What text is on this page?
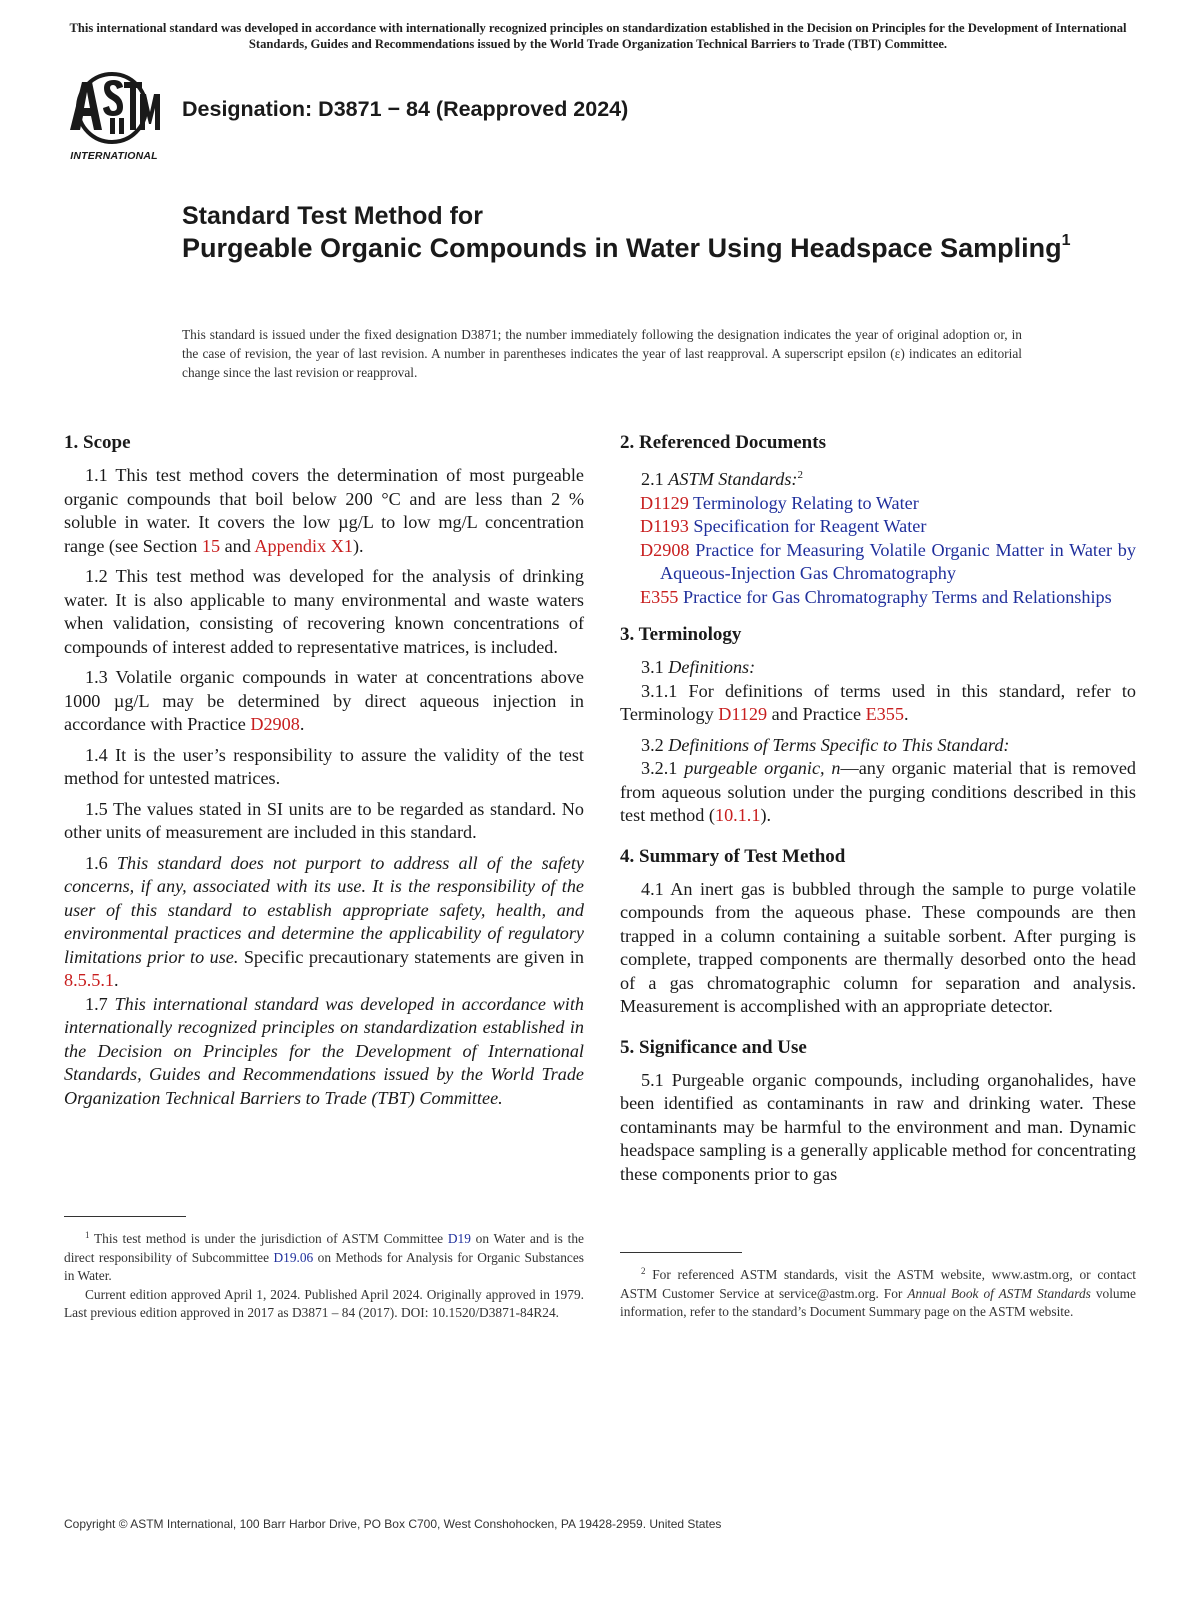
This international standard was developed in accordance with internationally recognized principles on standardization established in the Decision on Principles for the Development of International Standards, Guides and Recommendations issued by the World Trade Organization Technical Barriers to Trade (TBT) Committee.
INTERNATIONAL
Designation: D3871 − 84 (Reapproved 2024)
Standard Test Method for
Purgeable Organic Compounds in Water Using Headspace Sampling$^1$
This standard is issued under the fixed designation D3871; the number immediately following the designation indicates the year of original adoption or, in the case of revision, the year of last revision. A number in parentheses indicates the year of last reapproval. A superscript epsilon (ε) indicates an editorial change since the last revision or reapproval.
1. Scope

1.1 This test method covers the determination of most purgeable organic compounds that boil below 200 °C and are less than 2 % soluble in water. It covers the low µg/L to low mg/L concentration range (see Section 15 and Appendix X1).

1.2 This test method was developed for the analysis of drinking water. It is also applicable to many environmental and waste waters when validation, consisting of recovering known concentrations of compounds of interest added to representative matrices, is included.

1.3 Volatile organic compounds in water at concentrations above 1000 µg/L may be determined by direct aqueous injection in accordance with Practice D2908.

1.4 It is the user’s responsibility to assure the validity of the test method for untested matrices.

1.5 The values stated in SI units are to be regarded as standard. No other units of measurement are included in this standard.

1.6 This standard does not purport to address all of the safety concerns, if any, associated with its use. It is the responsibility of the user of this standard to establish appropriate safety, health, and environmental practices and determine the applicability of regulatory limitations prior to use. Specific precautionary statements are given in 8.5.5.1.

1.7 This international standard was developed in accordance with internationally recognized principles on standardization established in the Decision on Principles for the Development of International Standards, Guides and Recommendations issued by the World Trade Organization Technical Barriers to Trade (TBT) Committee.

$^1$ This test method is under the jurisdiction of ASTM Committee D19 on Water and is the direct responsibility of Subcommittee D19.06 on Methods for Analysis for Organic Substances in Water.
Current edition approved April 1, 2024. Published April 2024. Originally approved in 1979. Last previous edition approved in 2017 as D3871 – 84 (2017). DOI: 10.1520/D3871-84R24.
2. Referenced Documents

2.1 ASTM Standards:$^2$

D1129 Terminology Relating to Water

D1193 Specification for Reagent Water

D2908 Practice for Measuring Volatile Organic Matter in Water by Aqueous-Injection Gas Chromatography

E355 Practice for Gas Chromatography Terms and Relationships

3. Terminology

3.1 Definitions:

3.1.1 For definitions of terms used in this standard, refer to Terminology D1129 and Practice E355.

3.2 Definitions of Terms Specific to This Standard:

3.2.1 purgeable organic, n—any organic material that is removed from aqueous solution under the purging conditions described in this test method (10.1.1).

4. Summary of Test Method

4.1 An inert gas is bubbled through the sample to purge volatile compounds from the aqueous phase. These compounds are then trapped in a column containing a suitable sorbent. After purging is complete, trapped components are thermally desorbed onto the head of a gas chromatographic column for separation and analysis. Measurement is accomplished with an appropriate detector.

5. Significance and Use

5.1 Purgeable organic compounds, including organohalides, have been identified as contaminants in raw and drinking water. These contaminants may be harmful to the environment and man. Dynamic headspace sampling is a generally applicable method for concentrating these components prior to gas

$^2$ For referenced ASTM standards, visit the ASTM website, www.astm.org, or contact ASTM Customer Service at service@astm.org. For Annual Book of ASTM Standards volume information, refer to the standard’s Document Summary page on the ASTM website.
Copyright © ASTM International, 100 Barr Harbor Drive, PO Box C700, West Conshohocken, PA 19428-2959. United States
